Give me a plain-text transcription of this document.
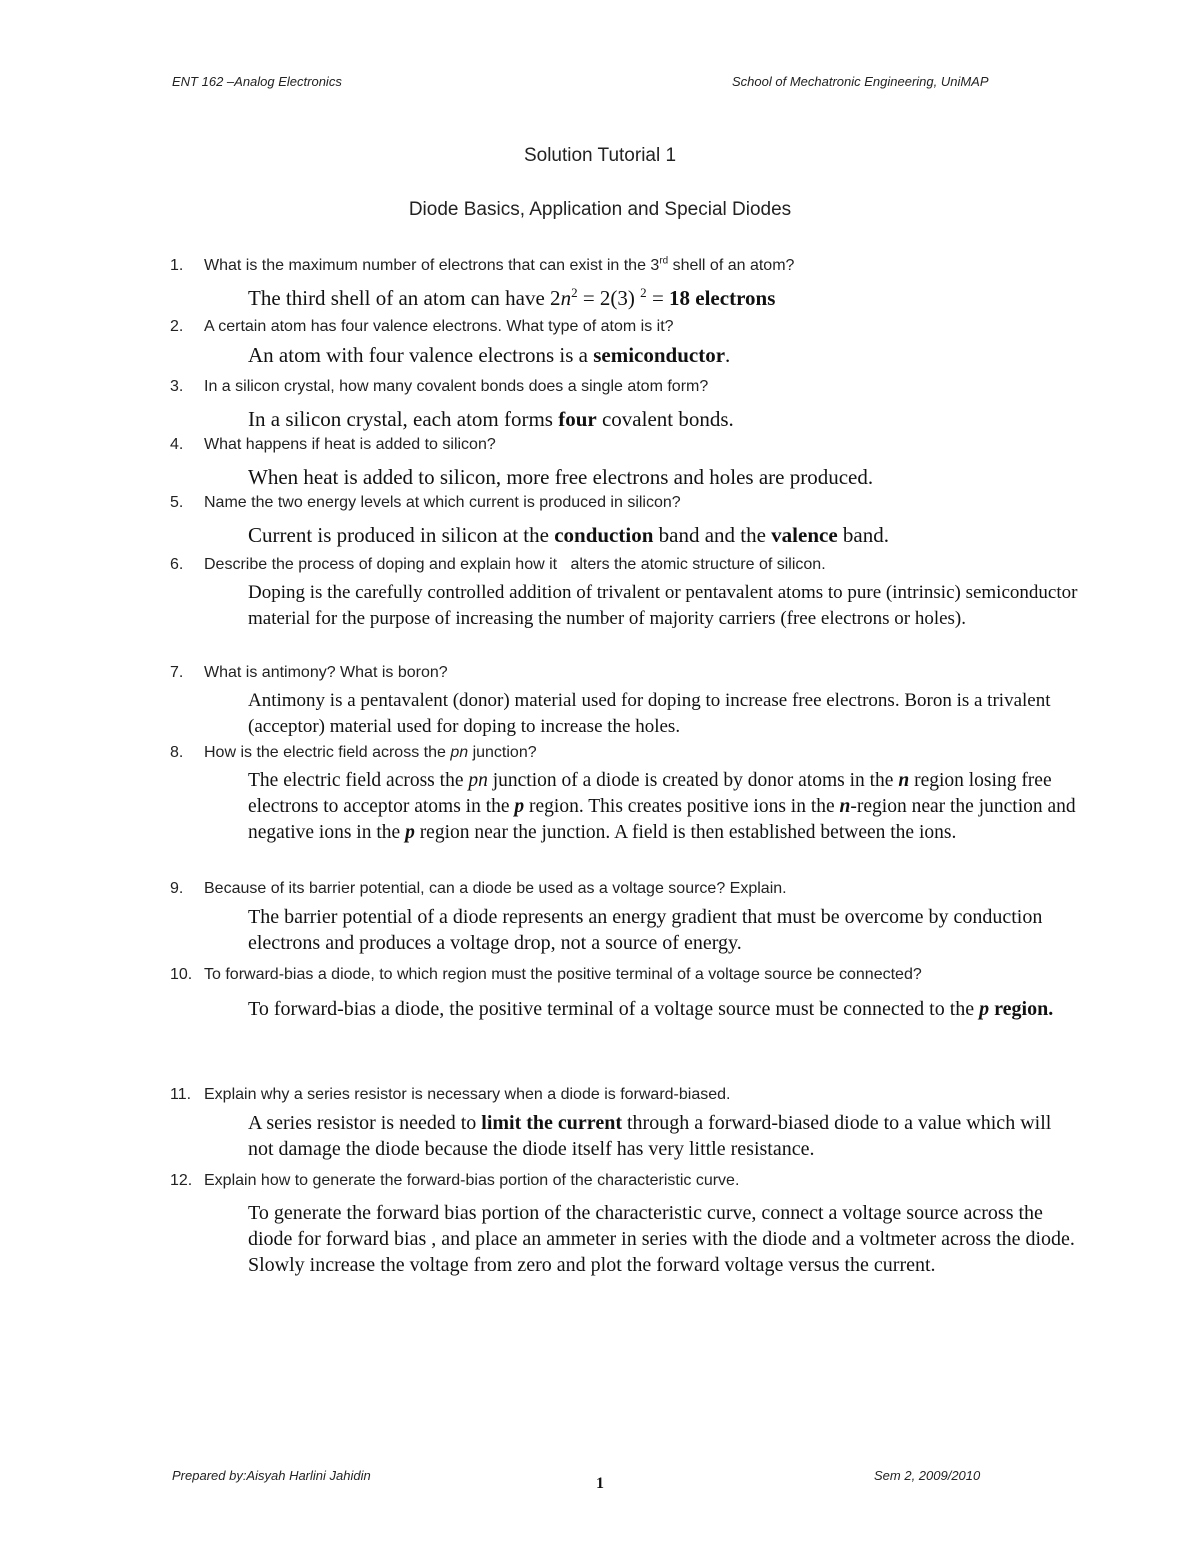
ENT 162 –Analog Electronics	School of Mechatronic Engineering, UniMAP
Solution Tutorial 1
Diode Basics, Application and Special Diodes
1. What is the maximum number of electrons that can exist in the 3rd shell of an atom?
The third shell of an atom can have $2n^2 = 2(3) ^2 = 18$ electrons
2. A certain atom has four valence electrons. What type of atom is it?
An atom with four valence electrons is a semiconductor.
3. In a silicon crystal, how many covalent bonds does a single atom form?
In a silicon crystal, each atom forms four covalent bonds.
4. What happens if heat is added to silicon?
When heat is added to silicon, more free electrons and holes are produced.
5. Name the two energy levels at which current is produced in silicon?
Current is produced in silicon at the conduction band and the valence band.
6. Describe the process of doping and explain how it   alters the atomic structure of silicon.
Doping is the carefully controlled addition of trivalent or pentavalent atoms to pure (intrinsic) semiconductor material for the purpose of increasing the number of majority carriers (free electrons or holes).
7. What is antimony? What is boron?
Antimony is a pentavalent (donor) material used for doping to increase free electrons. Boron is a trivalent (acceptor) material used for doping to increase the holes.
8. How is the electric field across the pn junction?
The electric field across the pn junction of a diode is created by donor atoms in the n region losing free electrons to acceptor atoms in the p region. This creates positive ions in the n-region near the junction and negative ions in the p region near the junction. A field is then established between the ions.
9. Because of its barrier potential, can a diode be used as a voltage source? Explain.
The barrier potential of a diode represents an energy gradient that must be overcome by conduction electrons and produces a voltage drop, not a source of energy.
10. To forward-bias a diode, to which region must the positive terminal of a voltage source be connected?
To forward-bias a diode, the positive terminal of a voltage source must be connected to the p region.
11. Explain why a series resistor is necessary when a diode is forward-biased.
A series resistor is needed to limit the current through a forward-biased diode to a value which will not damage the diode because the diode itself has very little resistance.
12. Explain how to generate the forward-bias portion of the characteristic curve.
To generate the forward bias portion of the characteristic curve, connect a voltage source across the diode for forward bias , and place an ammeter in series with the diode and a voltmeter across the diode. Slowly increase the voltage from zero and plot the forward voltage versus the current.
Prepared by:Aisyah Harlini Jahidin	1	Sem 2, 2009/2010
